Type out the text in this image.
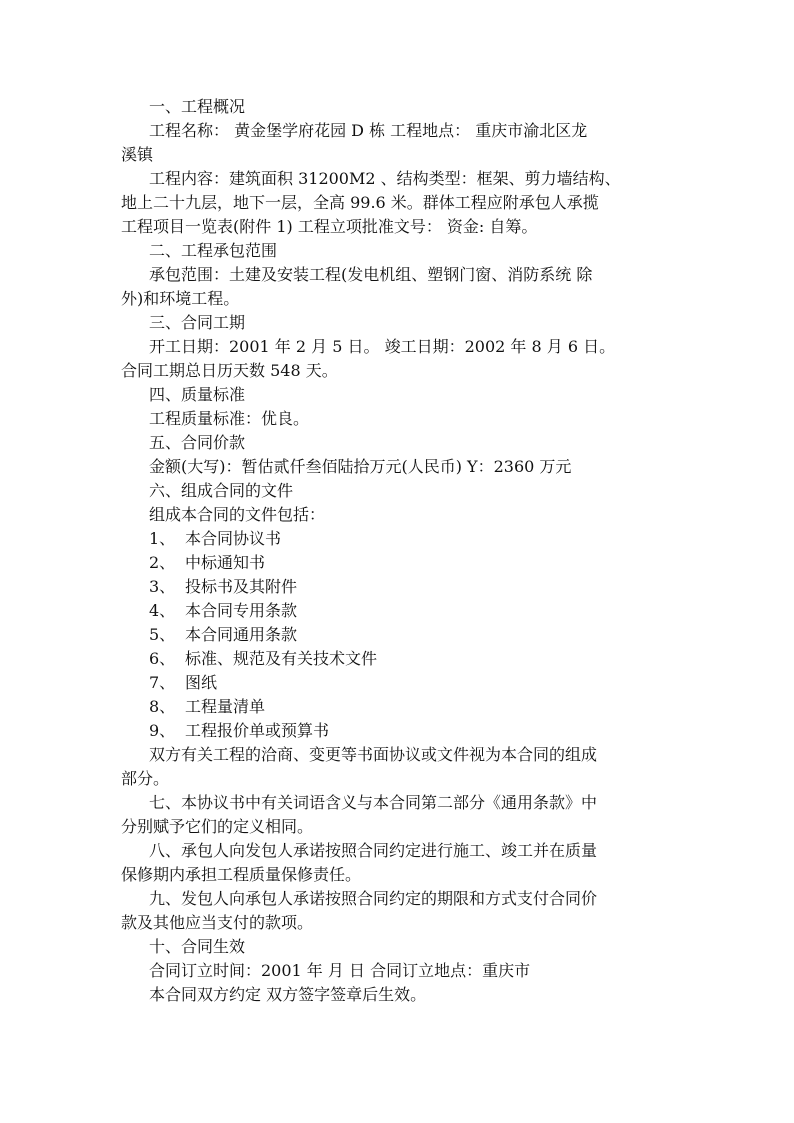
一、工程概况
工程名称： 黄金堡学府花园 D 栋 工程地点： 重庆市渝北区龙
溪镇
工程内容：建筑面积 31200M2 、结构类型：框架、剪力墙结构、
地上二十九层，地下一层，全高 99.6 米。群体工程应附承包人承揽
工程项目一览表(附件 1) 工程立项批准文号： 资金: 自筹。
二、工程承包范围
承包范围：土建及安装工程(发电机组、塑钢门窗、消防系统 除
外)和环境工程。
三、合同工期
开工日期：2001 年 2 月 5 日。 竣工日期：2002 年 8 月 6 日。
合同工期总日历天数 548 天。
四、质量标准
工程质量标准：优良。
五、合同价款
金额(大写)：暂估贰仟叁佰陆拾万元(人民币) Y：2360 万元
六、组成合同的文件
组成本合同的文件包括：
1、 本合同协议书
2、 中标通知书
3、 投标书及其附件
4、 本合同专用条款
5、 本合同通用条款
6、 标准、规范及有关技术文件
7、 图纸
8、 工程量清单
9、 工程报价单或预算书
双方有关工程的洽商、变更等书面协议或文件视为本合同的组成
部分。
七、本协议书中有关词语含义与本合同第二部分《通用条款》中
分别赋予它们的定义相同。
八、承包人向发包人承诺按照合同约定进行施工、竣工并在质量
保修期内承担工程质量保修责任。
九、发包人向承包人承诺按照合同约定的期限和方式支付合同价
款及其他应当支付的款项。
十、合同生效
合同订立时间：2001 年 月 日 合同订立地点：重庆市
本合同双方约定 双方签字签章后生效。
